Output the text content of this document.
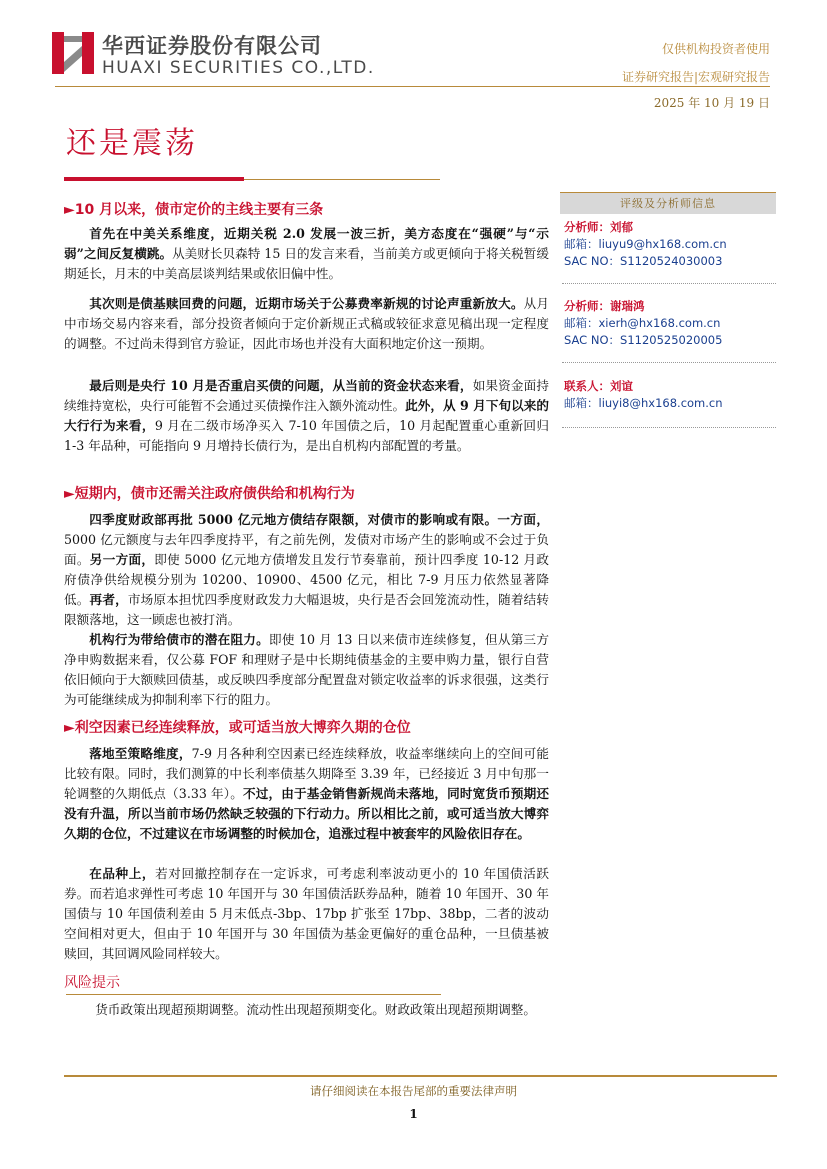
华西证券股份有限公司
HUAXI SECURITIES CO.,LTD.
仅供机构投资者使用
证券研究报告|宏观研究报告
2025 年 10 月 19 日
还是震荡
评级及分析师信息
分析师：刘郁
邮箱：liuyu9@hx168.com.cn
SAC NO：S1120524030003
分析师：谢瑞鸿
邮箱：xierh@hx168.com.cn
SAC NO：S1120525020005
联系人：刘谊
邮箱：liuyi8@hx168.com.cn
►10 月以来，债市定价的主线主要有三条
首先在中美关系维度，近期关税 2.0 发展一波三折，美方态度在“强硬”与“示弱”之间反复横跳。从美财长贝森特 15 日的发言来看，当前美方或更倾向于将关税暂缓期延长，月末的中美高层谈判结果或依旧偏中性。
其次则是债基赎回费的问题，近期市场关于公募费率新规的讨论声重新放大。从月中市场交易内容来看，部分投资者倾向于定价新规正式稿或较征求意见稿出现一定程度的调整。不过尚未得到官方验证，因此市场也并没有大面积地定价这一预期。
最后则是央行 10 月是否重启买债的问题，从当前的资金状态来看，如果资金面持续维持宽松，央行可能暂不会通过买债操作注入额外流动性。此外，从 9 月下旬以来的大行行为来看，9 月在二级市场净买入 7-10 年国债之后，10 月起配置重心重新回归 1-3 年品种，可能指向 9 月增持长债行为，是出自机构内部配置的考量。
►短期内，债市还需关注政府债供给和机构行为
四季度财政部再批 5000 亿元地方债结存限额，对债市的影响或有限。一方面，5000 亿元额度与去年四季度持平，有之前先例，发债对市场产生的影响或不会过于负面。另一方面，即使 5000 亿元地方债增发且发行节奏靠前，预计四季度 10-12 月政府债净供给规模分别为 10200、10900、4500 亿元，相比 7-9 月压力依然显著降低。再者，市场原本担忧四季度财政发力大幅退坡，央行是否会回笼流动性，随着结转限额落地，这一顾虑也被打消。
机构行为带给债市的潜在阻力。即使 10 月 13 日以来债市连续修复，但从第三方净申购数据来看，仅公募 FOF 和理财子是中长期纯债基金的主要申购力量，银行自营依旧倾向于大额赎回债基，或反映四季度部分配置盘对锁定收益率的诉求很强，这类行为可能继续成为抑制利率下行的阻力。
►利空因素已经连续释放，或可适当放大博弈久期的仓位
落地至策略维度，7-9 月各种利空因素已经连续释放，收益率继续向上的空间可能比较有限。同时，我们测算的中长利率债基久期降至 3.39 年，已经接近 3 月中旬那一轮调整的久期低点（3.33 年）。不过，由于基金销售新规尚未落地，同时宽货币预期还没有升温，所以当前市场仍然缺乏较强的下行动力。所以相比之前，或可适当放大博弈久期的仓位，不过建议在市场调整的时候加仓，追涨过程中被套牢的风险依旧存在。
在品种上，若对回撤控制存在一定诉求，可考虑利率波动更小的 10 年国债活跃券。而若追求弹性可考虑 10 年国开与 30 年国债活跃券品种，随着 10 年国开、30 年国债与 10 年国债利差由 5 月末低点-3bp、17bp 扩张至 17bp、38bp，二者的波动空间相对更大，但由于 10 年国开与 30 年国债为基金更偏好的重仓品种，一旦债基被赎回，其回调风险同样较大。
风险提示
货币政策出现超预期调整。流动性出现超预期变化。财政政策出现超预期调整。
请仔细阅读在本报告尾部的重要法律声明
1
